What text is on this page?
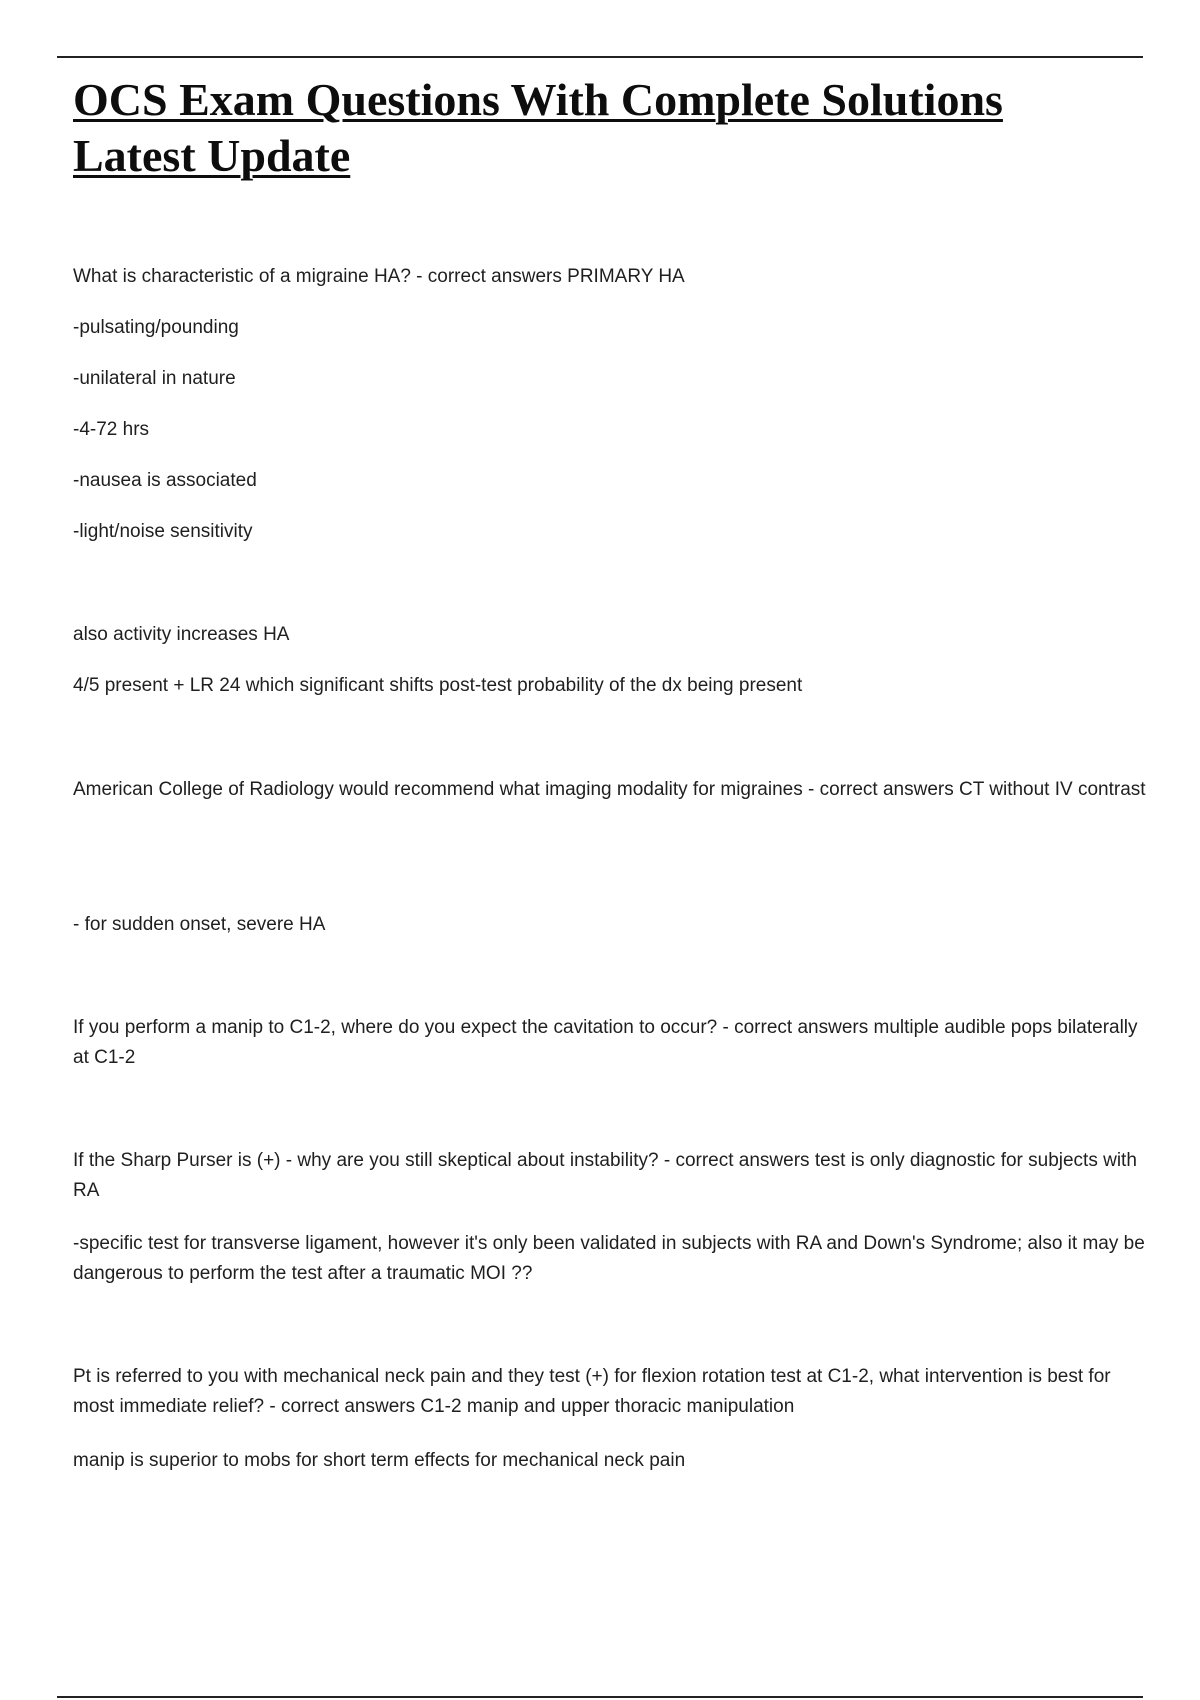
OCS Exam Questions With Complete Solutions Latest Update

What is characteristic of a migraine HA? - correct answers PRIMARY HA

-pulsating/pounding

-unilateral in nature

-4-72 hrs

-nausea is associated

-light/noise sensitivity

also activity increases HA

4/5 present + LR 24 which significant shifts post-test probability of the dx being present

American College of Radiology would recommend what imaging modality for migraines - correct answers CT without IV contrast

- for sudden onset, severe HA

If you perform a manip to C1-2, where do you expect the cavitation to occur? - correct answers multiple audible pops bilaterally at C1-2

If the Sharp Purser is (+) - why are you still skeptical about instability? - correct answers test is only diagnostic for subjects with RA

-specific test for transverse ligament, however it's only been validated in subjects with RA and Down's Syndrome; also it may be dangerous to perform the test after a traumatic MOI ??

Pt is referred to you with mechanical neck pain and they test (+) for flexion rotation test at C1-2, what intervention is best for most immediate relief? - correct answers C1-2 manip and upper thoracic manipulation

manip is superior to mobs for short term effects for mechanical neck pain
